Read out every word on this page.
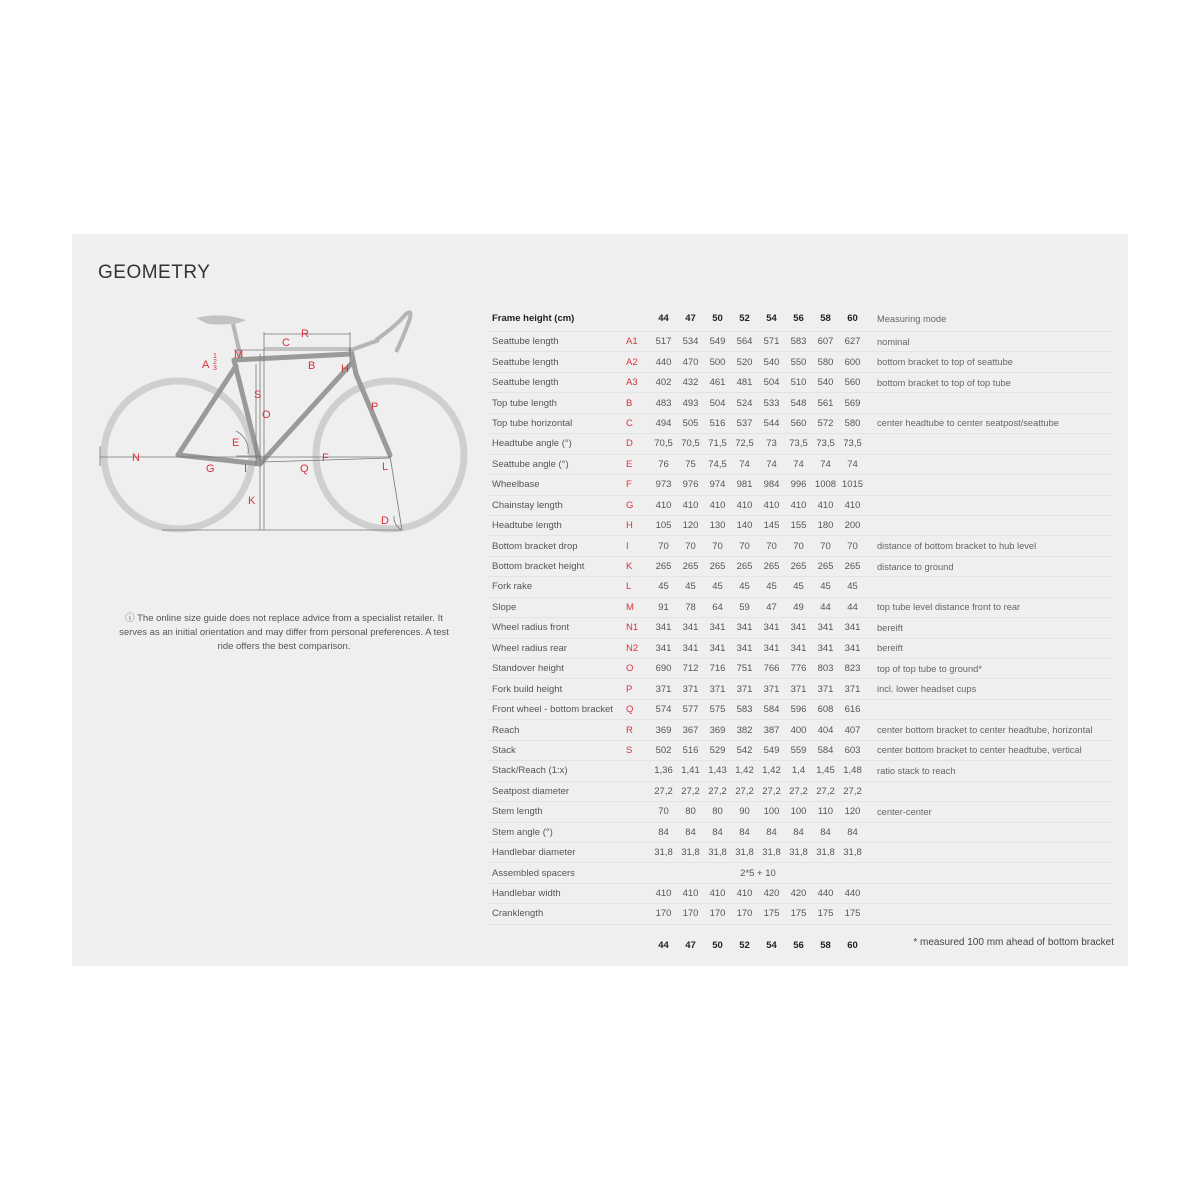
GEOMETRY
R
C
B H
A
1
2
3
M
S
O
P
E
N
G	I	Q
F
L
K
D
ⓘ The online size guide does not replace advice from a specialist retailer. It serves as an initial orientation and may differ from personal preferences. A test ride offers the best comparison.
Frame height (cm)		44	47	50	52	54	56	58	60	Measuring mode
Seattube length	A1	517	534	549	564	571	583	607	627	nominal
Seattube length	A2	440	470	500	520	540	550	580	600	bottom bracket to top of seattube
Seattube length	A3	402	432	461	481	504	510	540	560	bottom bracket to top of top tube
Top tube length	B	483	493	504	524	533	548	561	569	
Top tube horizontal	C	494	505	516	537	544	560	572	580	center headtube to center seatpost/seattube
Headtube angle (°)	D	70,5	70,5	71,5	72,5	73	73,5	73,5	73,5	
Seattube angle (°)	E	76	75	74,5	74	74	74	74	74	
Wheelbase	F	973	976	974	981	984	996	1008	1015	
Chainstay length	G	410	410	410	410	410	410	410	410	
Headtube length	H	105	120	130	140	145	155	180	200	
Bottom bracket drop	I	70	70	70	70	70	70	70	70	distance of bottom bracket to hub level
Bottom bracket height	K	265	265	265	265	265	265	265	265	distance to ground
Fork rake	L	45	45	45	45	45	45	45	45	
Slope	M	91	78	64	59	47	49	44	44	top tube level distance front to rear
Wheel radius front	N1	341	341	341	341	341	341	341	341	bereift
Wheel radius rear	N2	341	341	341	341	341	341	341	341	bereift
Standover height	O	690	712	716	751	766	776	803	823	top of top tube to ground*
Fork build height	P	371	371	371	371	371	371	371	371	incl. lower headset cups
Front wheel - bottom bracket	Q	574	577	575	583	584	596	608	616	
Reach	R	369	367	369	382	387	400	404	407	center bottom bracket to center headtube, horizontal
Stack	S	502	516	529	542	549	559	584	603	center bottom bracket to center headtube, vertical
Stack/Reach (1:x)		1,36	1,41	1,43	1,42	1,42	1,4	1,45	1,48	ratio stack to reach
Seatpost diameter		27,2	27,2	27,2	27,2	27,2	27,2	27,2	27,2	
Stem length		70	80	80	90	100	100	110	120	center-center
Stem angle (°)		84	84	84	84	84	84	84	84	
Handlebar diameter		31,8	31,8	31,8	31,8	31,8	31,8	31,8	31,8	
Assembled spacers		2*5 + 10								
Handlebar width		410	410	410	410	420	420	440	440	
Cranklength		170	170	170	170	175	175	175	175	
		44	47	50	52	54	56	58	60		* measured 100 mm ahead of bottom bracket
